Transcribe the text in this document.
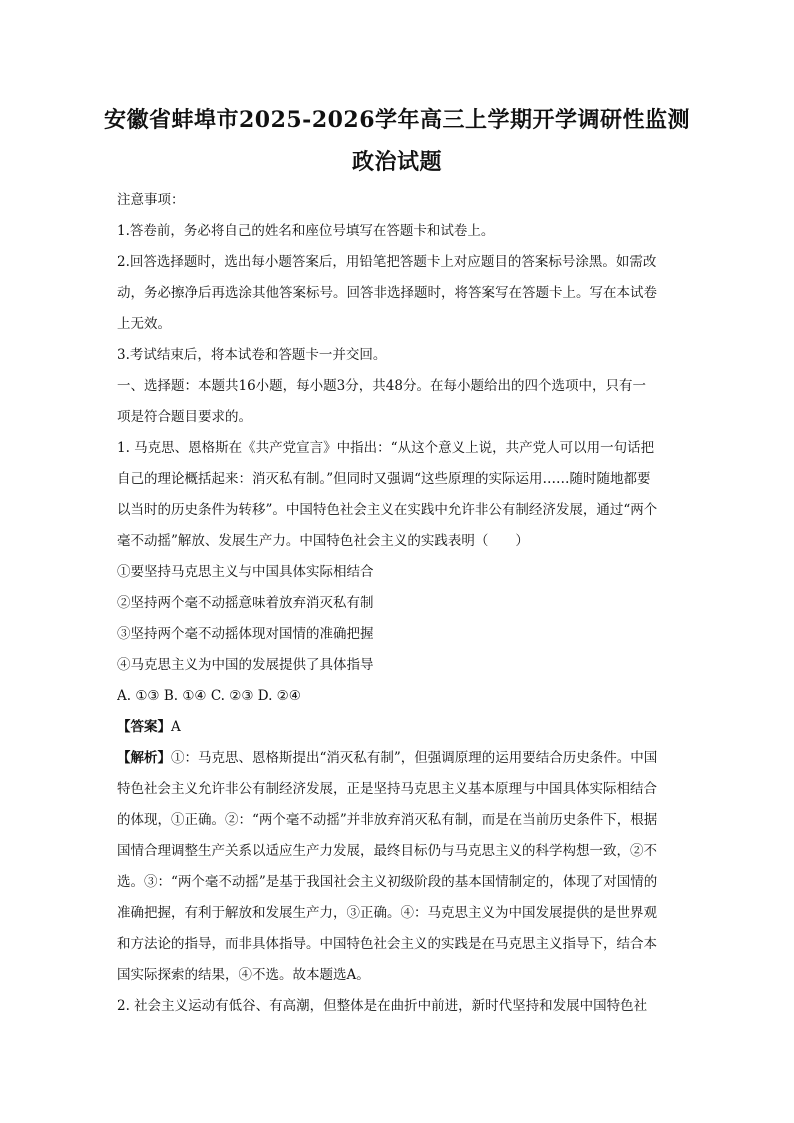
安徽省蚌埠市2025-2026学年高三上学期开学调研性监测
政治试题

注意事项：

1.答卷前，务必将自己的姓名和座位号填写在答题卡和试卷上。

2.回答选择题时，选出每小题答案后，用铅笔把答题卡上对应题目的答案标号涂黑。如需改

动，务必擦净后再选涂其他答案标号。回答非选择题时，将答案写在答题卡上。写在本试卷

上无效。

3.考试结束后，将本试卷和答题卡一并交回。

一、选择题：本题共16小题，每小题3分，共48分。在每小题给出的四个选项中，只有一

项是符合题目要求的。

1. 马克思、恩格斯在《共产党宣言》中指出：“从这个意义上说，共产党人可以用一句话把

自己的理论概括起来：消灭私有制。”但同时又强调“这些原理的实际运用……随时随地都要

以当时的历史条件为转移”。中国特色社会主义在实践中允许非公有制经济发展，通过“两个

毫不动摇”解放、发展生产力。中国特色社会主义的实践表明（　　）

①要坚持马克思主义与中国具体实际相结合

②坚持两个毫不动摇意味着放弃消灭私有制

③坚持两个毫不动摇体现对国情的准确把握

④马克思主义为中国的发展提供了具体指导

A. ①③ B. ①④ C. ②③ D. ②④

【答案】A

【解析】①：马克思、恩格斯提出“消灭私有制”，但强调原理的运用要结合历史条件。中国

特色社会主义允许非公有制经济发展，正是坚持马克思主义基本原理与中国具体实际相结合

的体现，①正确。②：“两个毫不动摇”并非放弃消灭私有制，而是在当前历史条件下，根据

国情合理调整生产关系以适应生产力发展，最终目标仍与马克思主义的科学构想一致，②不

选。③：“两个毫不动摇”是基于我国社会主义初级阶段的基本国情制定的，体现了对国情的

准确把握，有利于解放和发展生产力，③正确。④：马克思主义为中国发展提供的是世界观

和方法论的指导，而非具体指导。中国特色社会主义的实践是在马克思主义指导下，结合本

国实际探索的结果，④不选。故本题选A。

2. 社会主义运动有低谷、有高潮，但整体是在曲折中前进，新时代坚持和发展中国特色社
